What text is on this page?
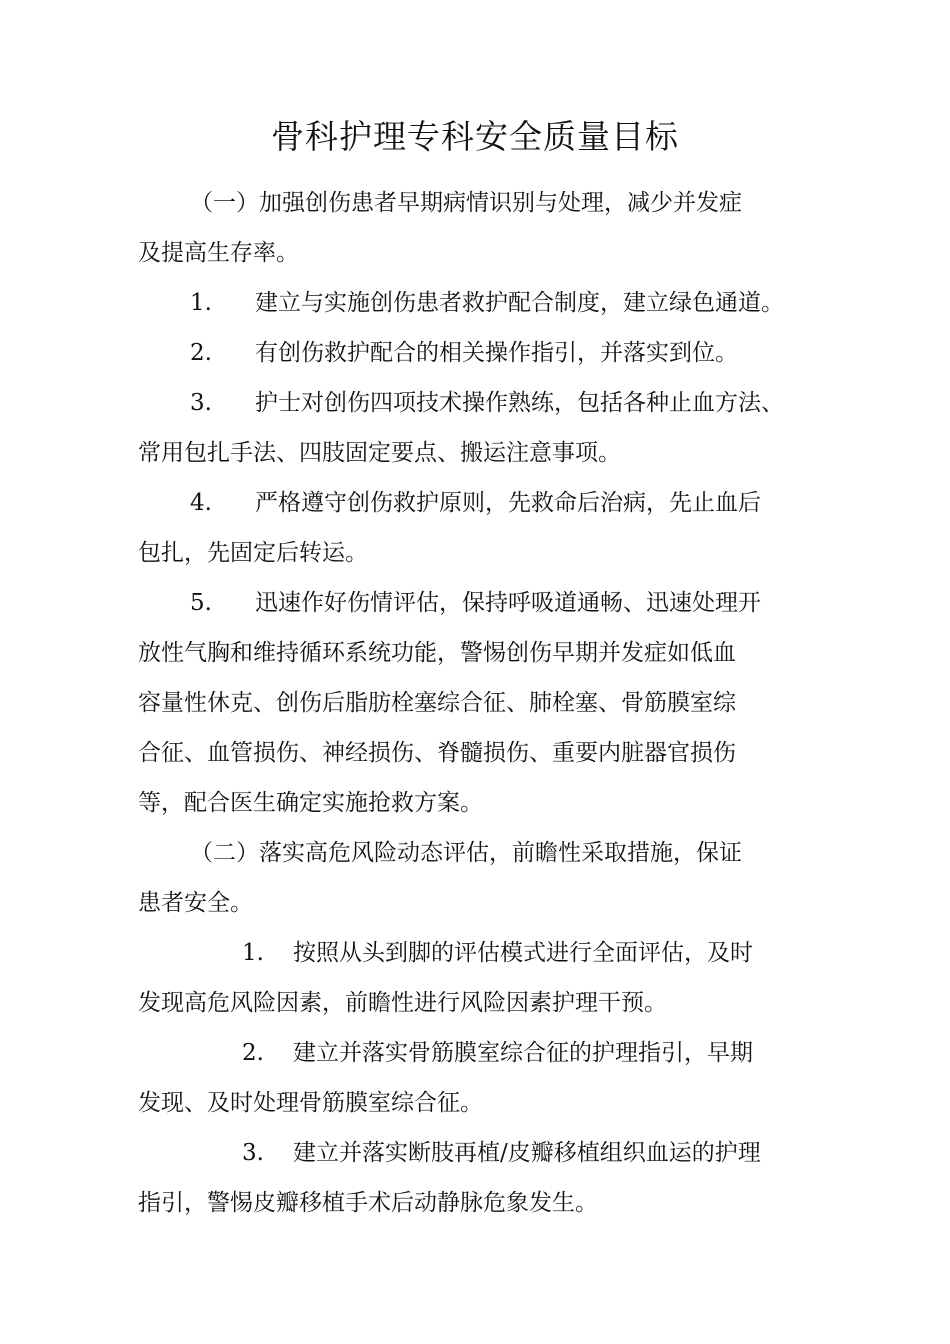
骨科护理专科安全质量目标

（一）加强创伤患者早期病情识别与处理，减少并发症

及提高生存率。

1. 建立与实施创伤患者救护配合制度，建立绿色通道。

2. 有创伤救护配合的相关操作指引，并落实到位。

3. 护士对创伤四项技术操作熟练，包括各种止血方法、

常用包扎手法、四肢固定要点、搬运注意事项。

4. 严格遵守创伤救护原则，先救命后治病，先止血后

包扎，先固定后转运。

5. 迅速作好伤情评估，保持呼吸道通畅、迅速处理开

放性气胸和维持循环系统功能，警惕创伤早期并发症如低血

容量性休克、创伤后脂肪栓塞综合征、肺栓塞、骨筋膜室综

合征、血管损伤、神经损伤、脊髓损伤、重要内脏器官损伤

等，配合医生确定实施抢救方案。

（二）落实高危风险动态评估，前瞻性采取措施，保证

患者安全。

1. 按照从头到脚的评估模式进行全面评估，及时

发现高危风险因素，前瞻性进行风险因素护理干预。

2. 建立并落实骨筋膜室综合征的护理指引，早期

发现、及时处理骨筋膜室综合征。

3. 建立并落实断肢再植/皮瓣移植组织血运的护理

指引，警惕皮瓣移植手术后动静脉危象发生。
